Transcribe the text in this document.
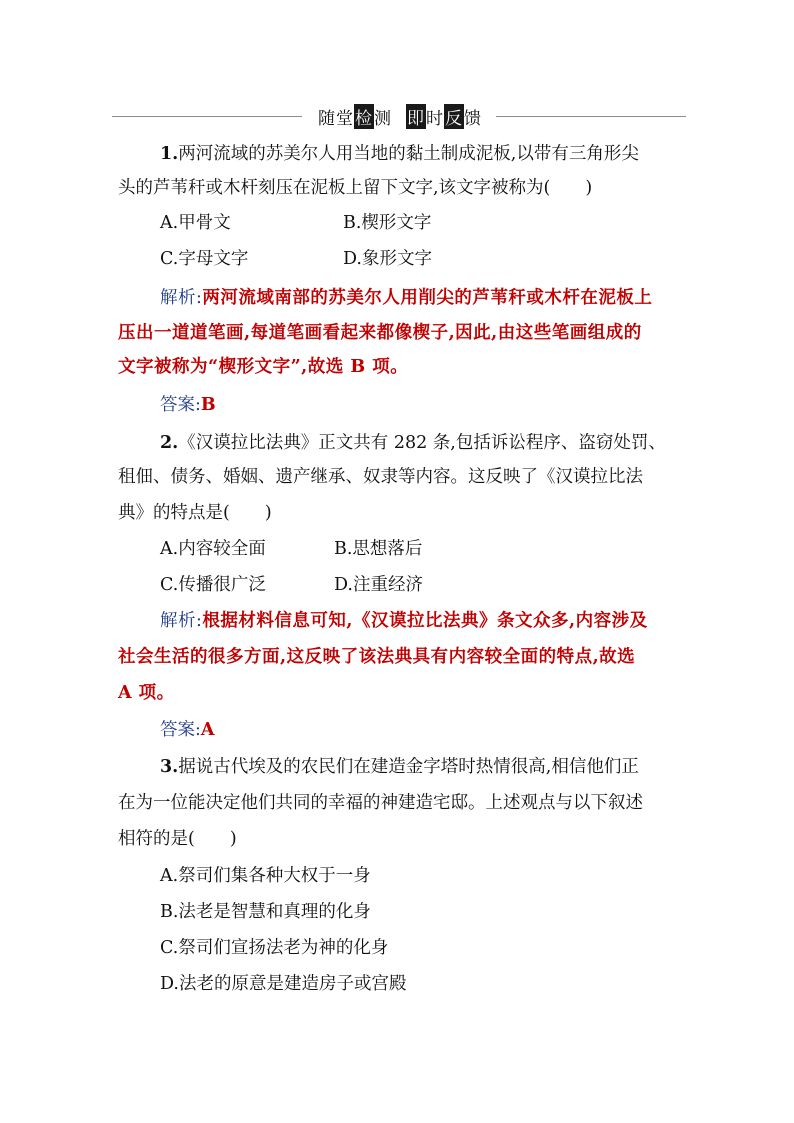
随 堂 检 测 即 时 反 馈
1.两河流域的苏美尔人用当地的黏土制成泥板,以带有三角形尖
头的芦苇秆或木杆刻压在泥板上留下文字,该文字被称为(　　)
A.甲骨文	B.楔形文字
C.字母文字	D.象形文字
解析:两河流域南部的苏美尔人用削尖的芦苇秆或木杆在泥板上
压出一道道笔画,每道笔画看起来都像楔子,因此,由这些笔画组成的
文字被称为“楔形文字”,故选 B 项。
答案:B
2.《汉谟拉比法典》正文共有 282 条,包括诉讼程序、盗窃处罚、
租佃、债务、婚姻、遗产继承、奴隶等内容。这反映了《汉谟拉比法
典》的特点是(　　)
A.内容较全面	B.思想落后
C.传播很广泛	D.注重经济
解析:根据材料信息可知,《汉谟拉比法典》条文众多,内容涉及
社会生活的很多方面,这反映了该法典具有内容较全面的特点,故选
A 项。
答案:A
3.据说古代埃及的农民们在建造金字塔时热情很高,相信他们正
在为一位能决定他们共同的幸福的神建造宅邸。上述观点与以下叙述
相符的是(　　)
A.祭司们集各种大权于一身
B.法老是智慧和真理的化身
C.祭司们宣扬法老为神的化身
D.法老的原意是建造房子或宫殿
